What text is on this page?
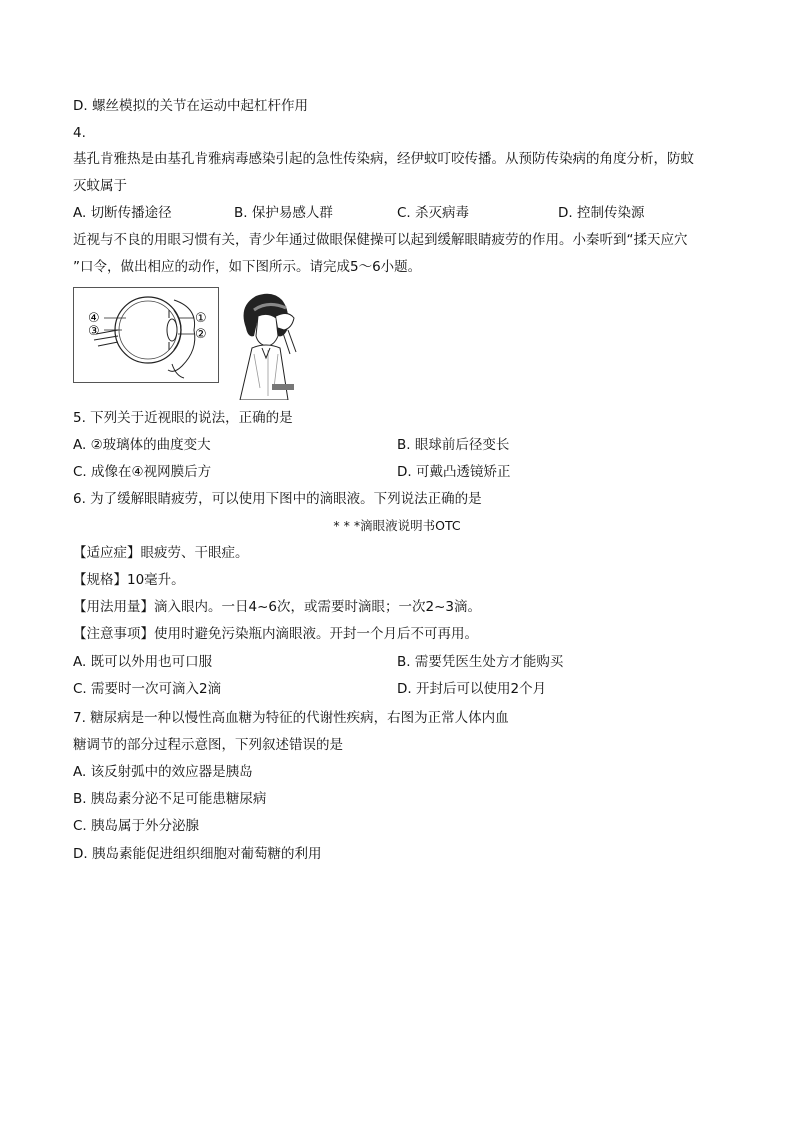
D. 螺丝模拟的关节在运动中起杠杆作用
4.
基孔肯雅热是由基孔肯雅病毒感染引起的急性传染病，经伊蚊叮咬传播。从预防传染病的角度分析，防蚊
灭蚊属于
A. 切断传播途径	B. 保护易感人群	C. 杀灭病毒	D. 控制传染源
近视与不良的用眼习惯有关，青少年通过做眼保健操可以起到缓解眼睛疲劳的作用。小秦听到“揉天应穴
”口令，做出相应的动作，如下图所示。请完成5～6小题。
④
③
①
②
5. 下列关于近视眼的说法，正确的是
A. ②玻璃体的曲度变大	B. 眼球前后径变长
C. 成像在④视网膜后方	D. 可戴凸透镜矫正
6. 为了缓解眼睛疲劳，可以使用下图中的滴眼液。下列说法正确的是
* * *滴眼液说明书OTC
【适应症】眼疲劳、干眼症。
【规格】10毫升。
【用法用量】滴入眼内。一日4~6次，或需要时滴眼；一次2~3滴。
【注意事项】使用时避免污染瓶内滴眼液。开封一个月后不可再用。
A. 既可以外用也可口服	B. 需要凭医生处方才能购买
C. 需要时一次可滴入2滴	D. 开封后可以使用2个月
7. 糖尿病是一种以慢性高血糖为特征的代谢性疾病，右图为正常人体内血
糖调节的部分过程示意图，下列叙述错误的是
A. 该反射弧中的效应器是胰岛
B. 胰岛素分泌不足可能患糖尿病
C. 胰岛属于外分泌腺
D. 胰岛素能促进组织细胞对葡萄糖的利用
